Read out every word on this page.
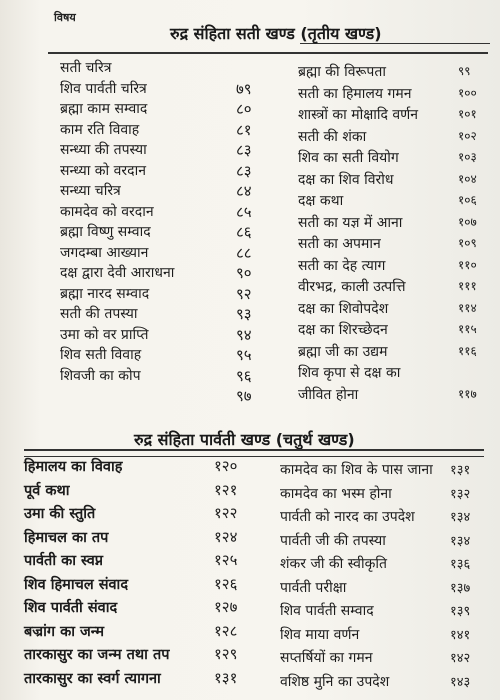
विषय
रुद्र संहिता सती खण्ड (तृतीय खण्ड)
सती चरित्र
शिव पार्वती चरित्र	७९
ब्रह्मा काम सम्वाद	८०
काम रति विवाह	८१
सन्ध्या की तपस्या	८३
सन्ध्या को वरदान	८३
सन्ध्या चरित्र	८४
कामदेव को वरदान	८५
ब्रह्मा विष्णु सम्वाद	८६
जगदम्बा आख्यान	८८
दक्ष द्वारा देवी आराधना	९०
ब्रह्मा नारद सम्वाद	९२
सती की तपस्या	९३
उमा को वर प्राप्ति	९४
शिव सती विवाह	९५
शिवजी का कोप	९६
९७
ब्रह्मा की विरूपता	९९
सती का हिमालय गमन	१००
शास्त्रों का मोक्षादि वर्णन	१०१
सती की शंका	१०२
शिव का सती वियोग	१०३
दक्ष का शिव विरोध	१०४
दक्ष कथा	१०६
सती का यज्ञ में आना	१०७
सती का अपमान	१०९
सती का देह त्याग	११०
वीरभद्र, काली उत्पत्ति	१११
दक्ष का शिवोपदेश	११४
दक्ष का शिरच्छेदन	११५
ब्रह्मा जी का उद्यम	११६
शिव कृपा से दक्ष का
जीवित होना	११७
रुद्र संहिता पार्वती खण्ड (चतुर्थ खण्ड)
हिमालय का विवाह	१२०
पूर्व कथा	१२१
उमा की स्तुति	१२२
हिमाचल का तप	१२४
पार्वती का स्वप्न	१२५
शिव हिमाचल संवाद	१२६
शिव पार्वती संवाद	१२७
बज्रांग का जन्म	१२८
तारकासुर का जन्म तथा तप	१२९
तारकासुर का स्वर्ग त्यागना	१३१
कामदेव का शिव के पास जाना १३१
कामदेव का भस्म होना	१३२
पार्वती को नारद का उपदेश	१३४
पार्वती जी की तपस्या	१३४
शंकर जी की स्वीकृति	१३६
पार्वती परीक्षा	१३७
शिव पार्वती सम्वाद	१३९
शिव माया वर्णन	१४१
सप्तर्षियों का गमन	१४२
वशिष्ठ मुनि का उपदेश	१४३
